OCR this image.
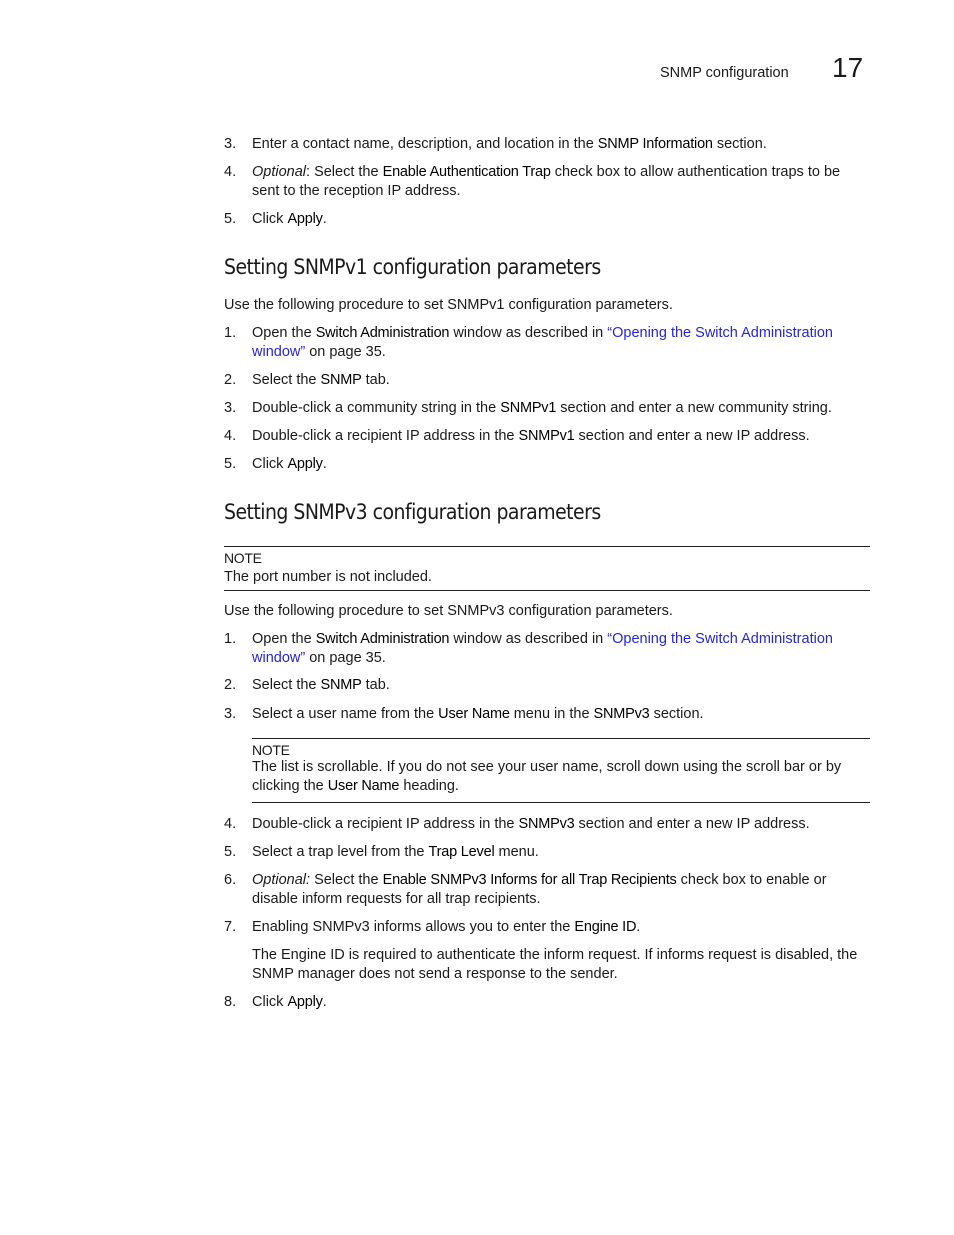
SNMP configuration 17
3. Enter a contact name, description, and location in the SNMP Information section.
4. Optional: Select the Enable Authentication Trap check box to allow authentication traps to be sent to the reception IP address.
5. Click Apply.
Setting SNMPv1 configuration parameters
Use the following procedure to set SNMPv1 configuration parameters.
1. Open the Switch Administration window as described in “Opening the Switch Administration window” on page 35.
2. Select the SNMP tab.
3. Double-click a community string in the SNMPv1 section and enter a new community string.
4. Double-click a recipient IP address in the SNMPv1 section and enter a new IP address.
5. Click Apply.
Setting SNMPv3 configuration parameters
NOTE
The port number is not included.
Use the following procedure to set SNMPv3 configuration parameters.
1. Open the Switch Administration window as described in “Opening the Switch Administration window” on page 35.
2. Select the SNMP tab.
3. Select a user name from the User Name menu in the SNMPv3 section.
NOTE
The list is scrollable. If you do not see your user name, scroll down using the scroll bar or by clicking the User Name heading.
4. Double-click a recipient IP address in the SNMPv3 section and enter a new IP address.
5. Select a trap level from the Trap Level menu.
6. Optional: Select the Enable SNMPv3 Informs for all Trap Recipients check box to enable or disable inform requests for all trap recipients.
7. Enabling SNMPv3 informs allows you to enter the Engine ID.
The Engine ID is required to authenticate the inform request. If informs request is disabled, the SNMP manager does not send a response to the sender.
8. Click Apply.
